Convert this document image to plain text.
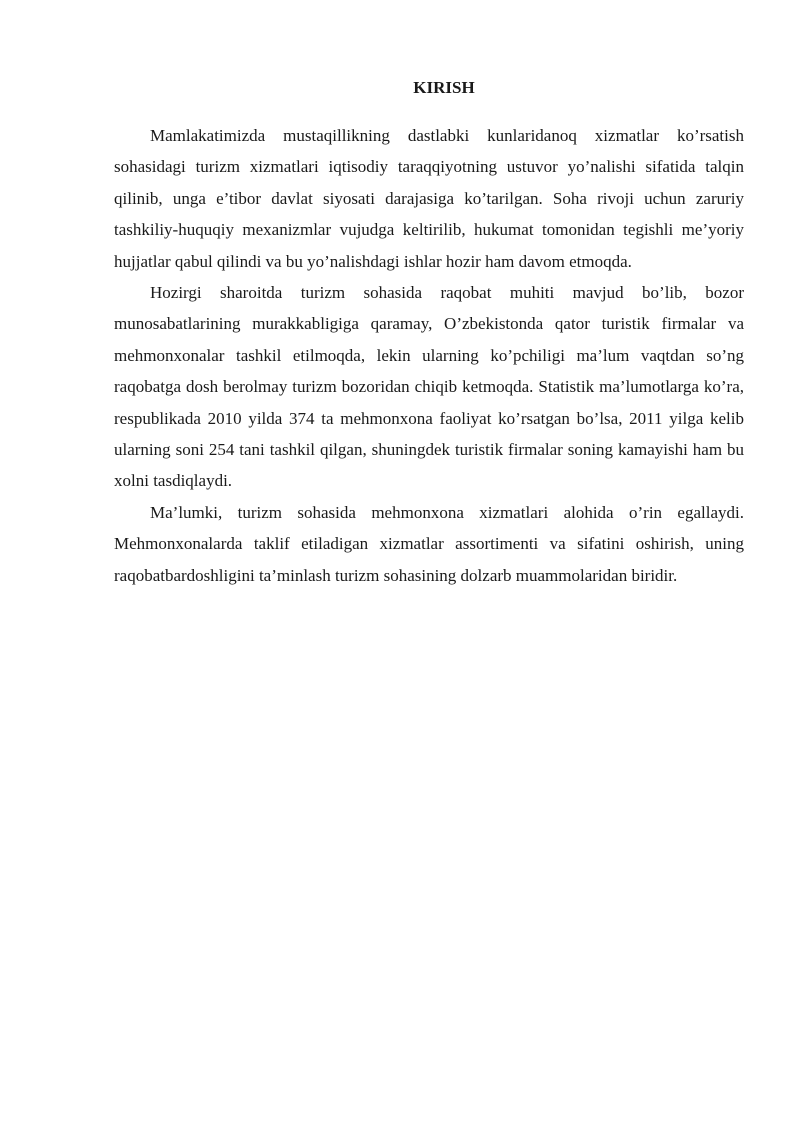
KIRISH

Mamlakatimizda mustaqillikning dastlabki kunlaridanoq xizmatlar ko’rsatish sohasidagi turizm xizmatlari iqtisodiy taraqqiyotning ustuvor yo’nalishi sifatida talqin qilinib, unga e’tibor davlat siyosati darajasiga ko’tarilgan. Soha rivoji uchun zaruriy tashkiliy-huquqiy mexanizmlar vujudga keltirilib, hukumat tomonidan tegishli me’yoriy hujjatlar qabul qilindi va bu yo’nalishdagi ishlar hozir ham davom etmoqda.

Hozirgi sharoitda turizm sohasida raqobat muhiti mavjud bo’lib, bozor munosabatlarining murakkabligiga qaramay, O’zbekistonda qator turistik firmalar va mehmonxonalar tashkil etilmoqda, lekin ularning ko’pchiligi ma’lum vaqtdan so’ng raqobatga dosh berolmay turizm bozoridan chiqib ketmoqda. Statistik ma’lumotlarga ko’ra, respublikada 2010 yilda 374 ta mehmonxona faoliyat ko’rsatgan bo’lsa, 2011 yilga kelib ularning soni 254 tani tashkil qilgan, shuningdek turistik firmalar soning kamayishi ham bu xolni tasdiqlaydi.

Ma’lumki, turizm sohasida mehmonxona xizmatlari alohida o’rin egallaydi. Mehmonxonalarda taklif etiladigan xizmatlar assortimenti va sifatini oshirish, uning raqobatbardoshligini ta’minlash turizm sohasining dolzarb muammolaridan biridir.
